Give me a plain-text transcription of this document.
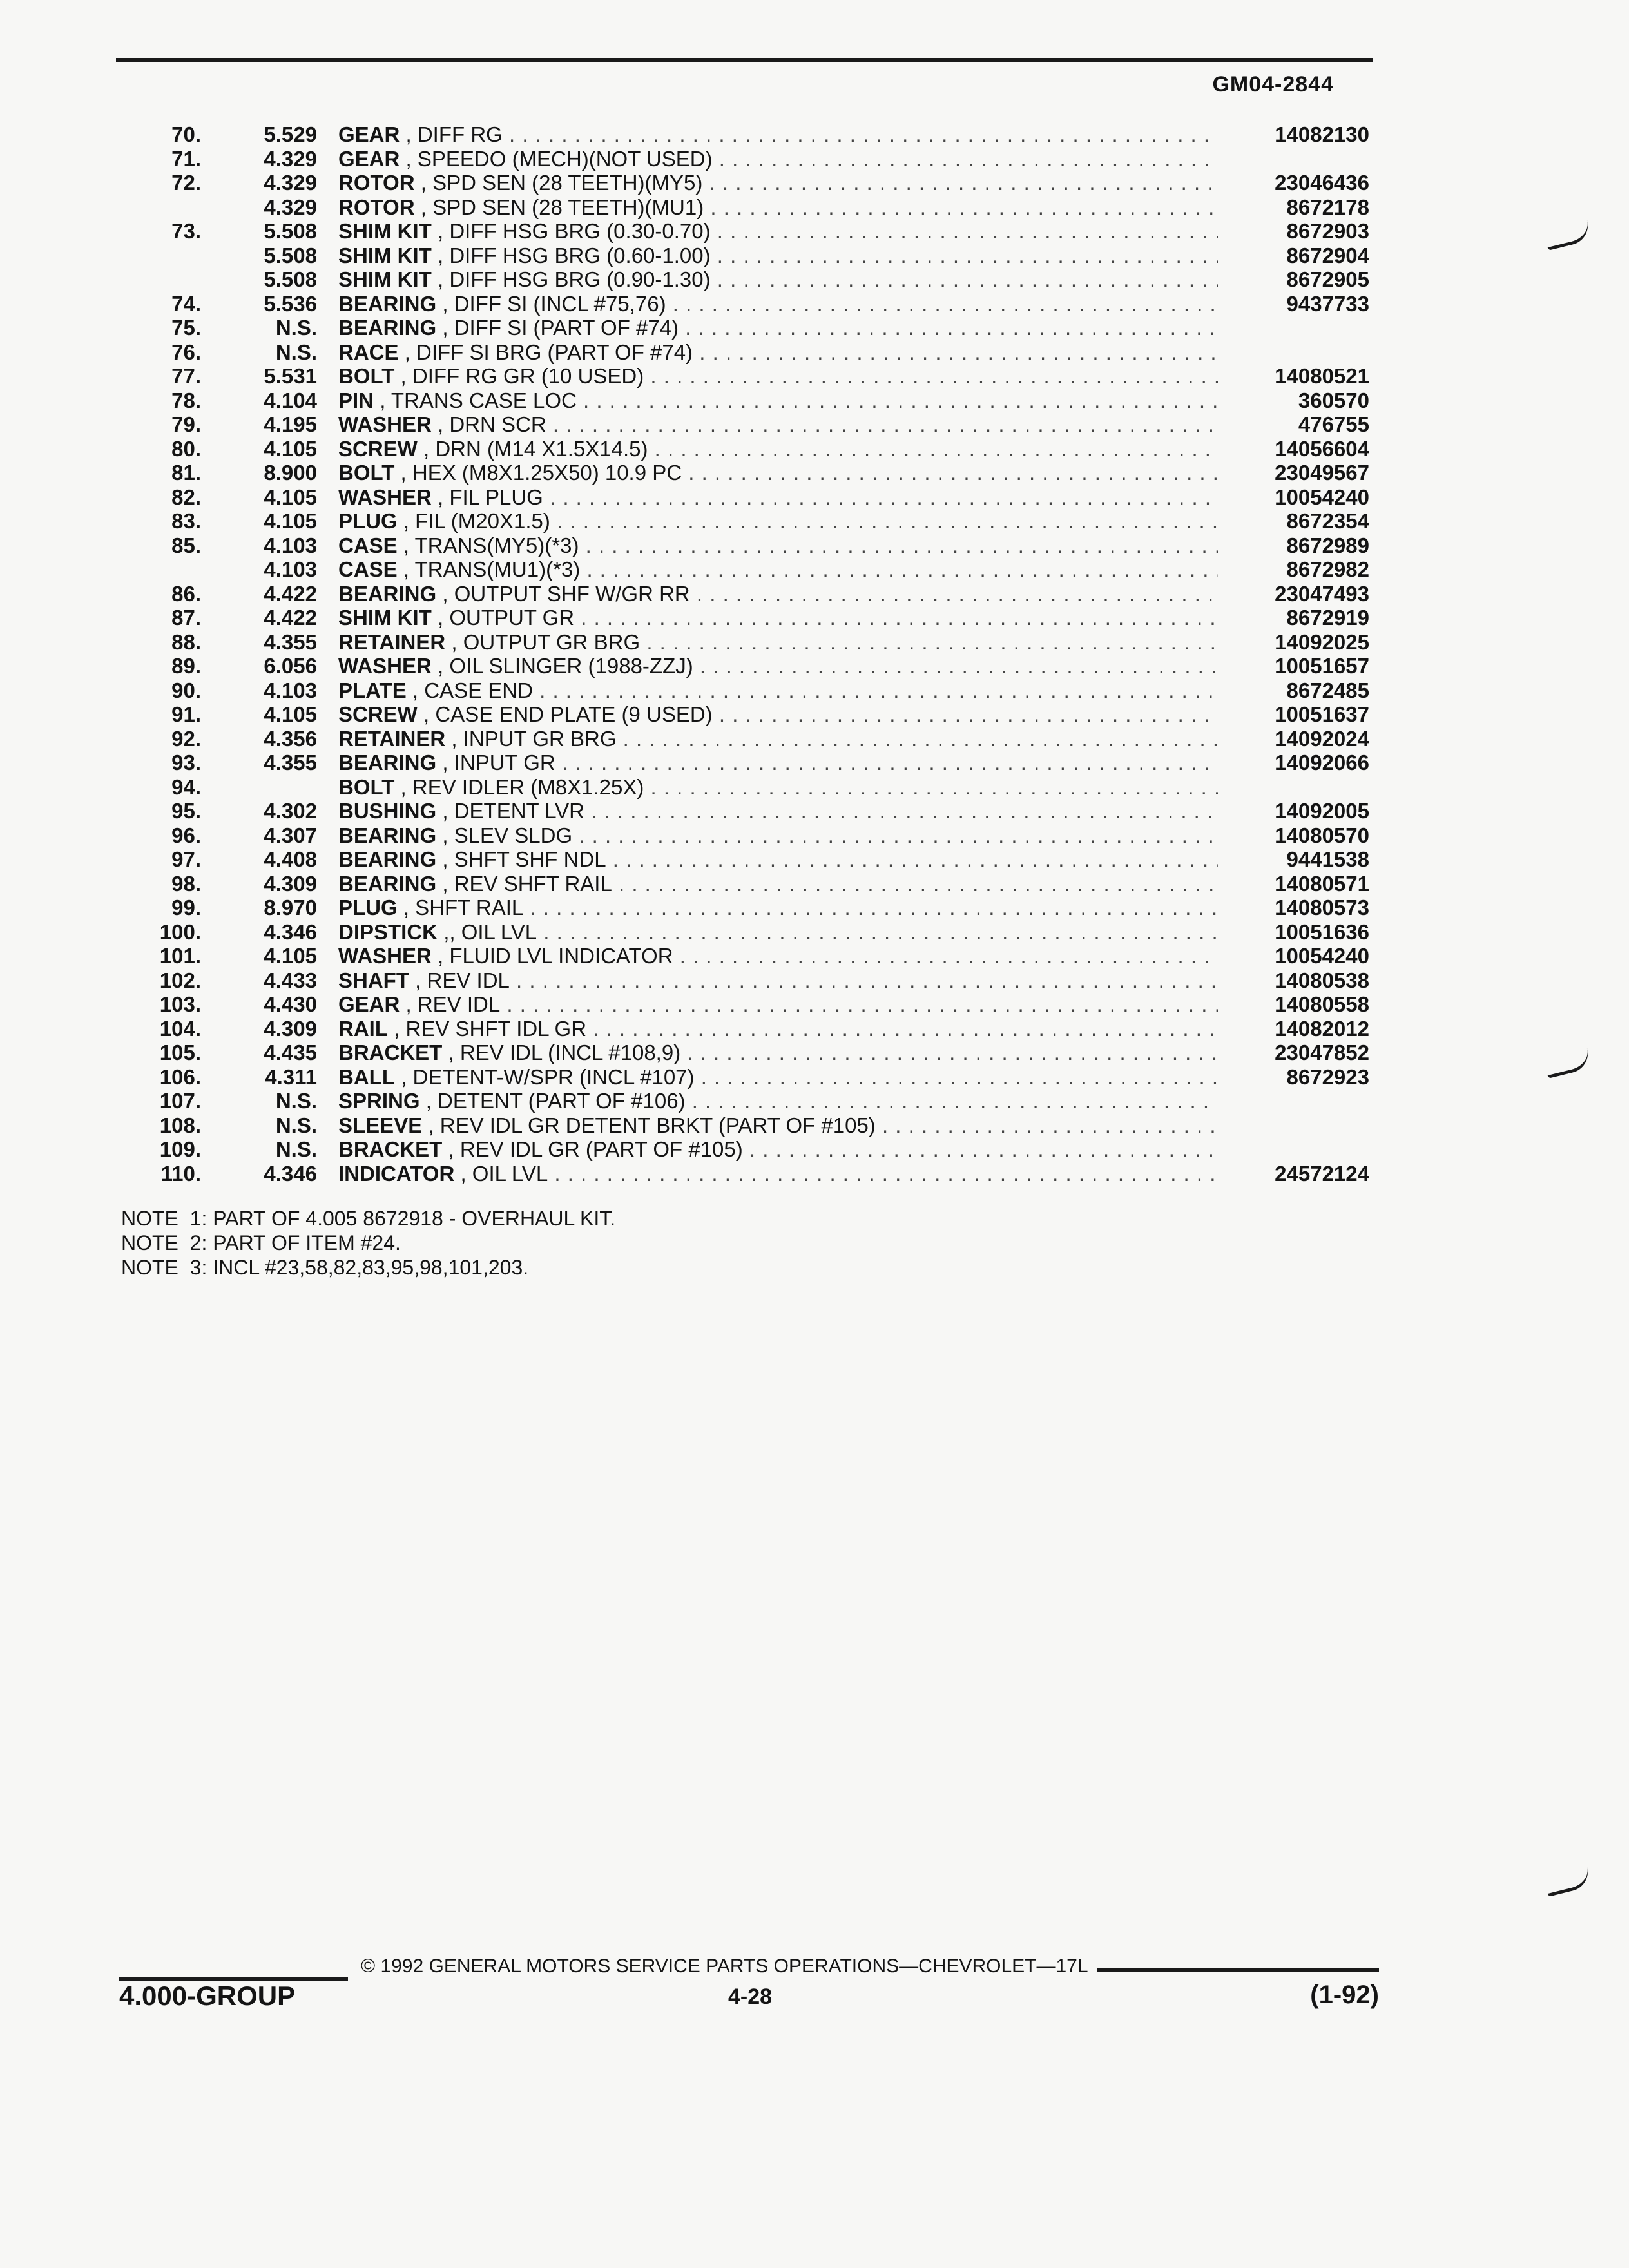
GM04-2844
70.	5.529 GEAR , DIFF RG . . .	14082130
71.	4.329 GEAR , SPEEDO (MECH)(NOT USED) . . .
72.	4.329 ROTOR , SPD SEN (28 TEETH)(MY5) . . .	23046436
4.329 ROTOR , SPD SEN (28 TEETH)(MU1) . . .	8672178
73.	5.508 SHIM KIT , DIFF HSG BRG (0.30-0.70) . . .	8672903
5.508 SHIM KIT , DIFF HSG BRG (0.60-1.00) . . .	8672904
5.508 SHIM KIT , DIFF HSG BRG (0.90-1.30) . . .	8672905
74.	5.536 BEARING , DIFF SI (INCL #75,76) . . .	9437733
75.	N.S. BEARING , DIFF SI (PART OF #74) . . .
76.	N.S. RACE , DIFF SI BRG (PART OF #74) . . .
77.	5.531 BOLT , DIFF RG GR (10 USED) . . .	14080521
78.	4.104 PIN , TRANS CASE LOC . . .	360570
79.	4.195 WASHER , DRN SCR . . .	476755
80.	4.105 SCREW , DRN (M14 X1.5X14.5) . . .	14056604
81.	8.900 BOLT , HEX (M8X1.25X50) 10.9 PC . . .	23049567
82.	4.105 WASHER , FIL PLUG . . .	10054240
83.	4.105 PLUG , FIL (M20X1.5) . . .	8672354
85.	4.103 CASE , TRANS(MY5)(*3) . . .	8672989
4.103 CASE , TRANS(MU1)(*3) . . .	8672982
86.	4.422 BEARING , OUTPUT SHF W/GR RR . . .	23047493
87.	4.422 SHIM KIT , OUTPUT GR . . .	8672919
88.	4.355 RETAINER , OUTPUT GR BRG . . .	14092025
89.	6.056 WASHER , OIL SLINGER (1988-ZZJ) . . .	10051657
90.	4.103 PLATE , CASE END . . .	8672485
91.	4.105 SCREW , CASE END PLATE (9 USED) . . .	10051637
92.	4.356 RETAINER , INPUT GR BRG . . .	14092024
93.	4.355 BEARING , INPUT GR . . .	14092066
94.	BOLT , REV IDLER (M8X1.25X) . . .
95.	4.302 BUSHING , DETENT LVR . . .	14092005
96.	4.307 BEARING , SLEV SLDG . . .	14080570
97.	4.408 BEARING , SHFT SHF NDL . . .	9441538
98.	4.309 BEARING , REV SHFT RAIL . . .	14080571
99.	8.970 PLUG , SHFT RAIL . . .	14080573
100.	4.346 DIPSTICK ,, OIL LVL . . .	10051636
101.	4.105 WASHER , FLUID LVL INDICATOR . . .	10054240
102.	4.433 SHAFT , REV IDL . . .	14080538
103.	4.430 GEAR , REV IDL . . .	14080558
104.	4.309 RAIL , REV SHFT IDL GR . . .	14082012
105.	4.435 BRACKET , REV IDL (INCL #108,9) . . .	23047852
106.	4.311 BALL , DETENT-W/SPR (INCL #107) . . .	8672923
107.	N.S. SPRING , DETENT (PART OF #106) . . .
108.	N.S. SLEEVE , REV IDL GR DETENT BRKT (PART OF #105) . . .
109.	N.S. BRACKET , REV IDL GR (PART OF #105) . . .
110.	4.346 INDICATOR , OIL LVL . . .	24572124
NOTE  1: PART OF 4.005 8672918 - OVERHAUL KIT.
NOTE  2: PART OF ITEM #24.
NOTE  3: INCL #23,58,82,83,95,98,101,203.
© 1992 GENERAL MOTORS SERVICE PARTS OPERATIONS—CHEVROLET—17L
4.000-GROUP	4-28	(1-92)
